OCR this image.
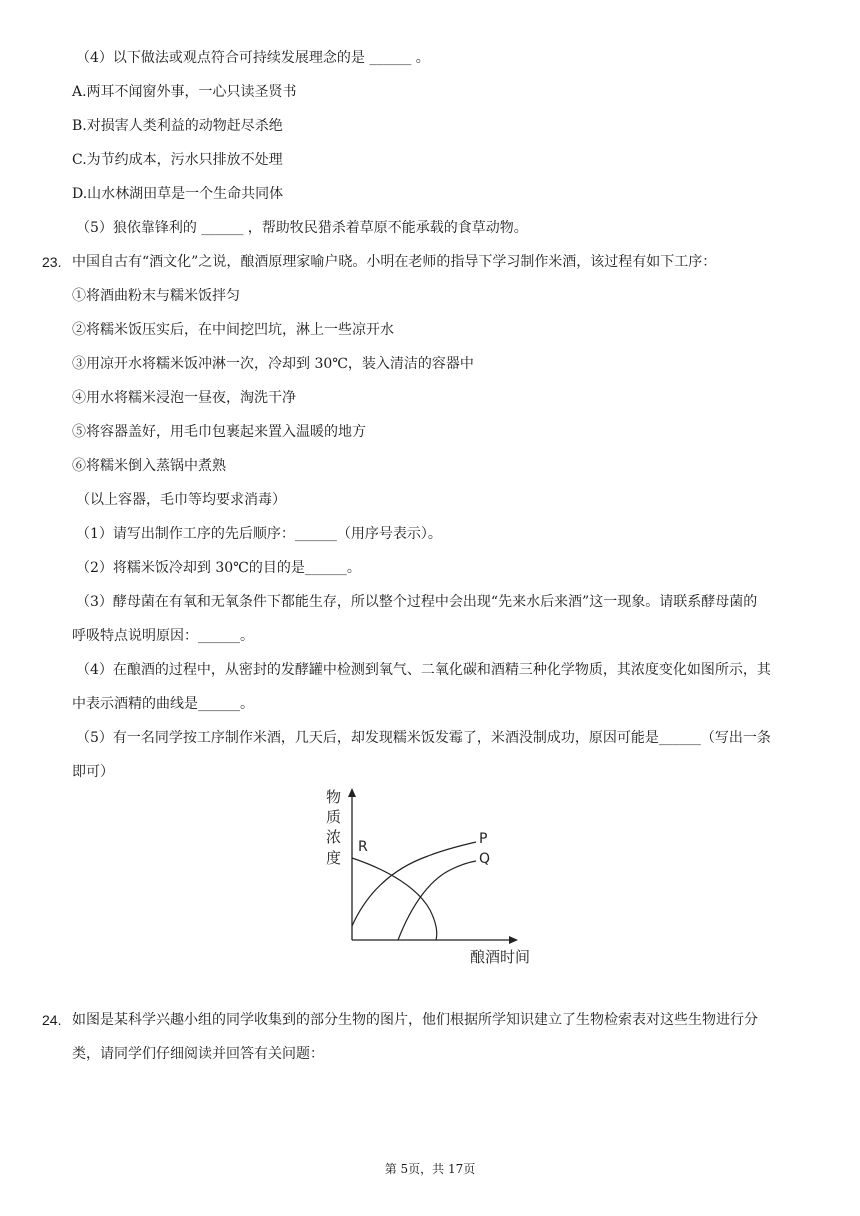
（4）以下做法或观点符合可持续发展理念的是 ______ 。
A.两耳不闻窗外事，一心只读圣贤书
B.对损害人类利益的动物赶尽杀绝
C.为节约成本，污水只排放不处理
D.山水林湖田草是一个生命共同体
（5）狼依靠锋利的 ______ ，帮助牧民猎杀着草原不能承载的食草动物。
23. 中国自古有“酒文化”之说，酿酒原理家喻户晓。小明在老师的指导下学习制作米酒，该过程有如下工序：
①将酒曲粉末与糯米饭拌匀
②将糯米饭压实后，在中间挖凹坑，淋上一些凉开水
③用凉开水将糯米饭冲淋一次，冷却到 30℃，装入清洁的容器中
④用水将糯米浸泡一昼夜，淘洗干净
⑤将容器盖好，用毛巾包裹起来置入温暖的地方
⑥将糯米倒入蒸锅中煮熟
（以上容器，毛巾等均要求消毒）
（1）请写出制作工序的先后顺序：______（用序号表示）。
（2）将糯米饭冷却到 30℃的目的是______。
（3）酵母菌在有氧和无氧条件下都能生存，所以整个过程中会出现“先来水后来酒”这一现象。请联系酵母菌的
呼吸特点说明原因：______。
（4）在酿酒的过程中，从密封的发酵罐中检测到氧气、二氧化碳和酒精三种化学物质，其浓度变化如图所示，其
中表示酒精的曲线是______。
（5）有一名同学按工序制作米酒，几天后，却发现糯米饭发霉了，米酒没制成功，原因可能是______（写出一条
即可）
物
质
浓
度
R	P
Q
酿酒时间
24. 如图是某科学兴趣小组的同学收集到的部分生物的图片，他们根据所学知识建立了生物检索表对这些生物进行分
类，请同学们仔细阅读并回答有关问题：
第 5页，共 17页
